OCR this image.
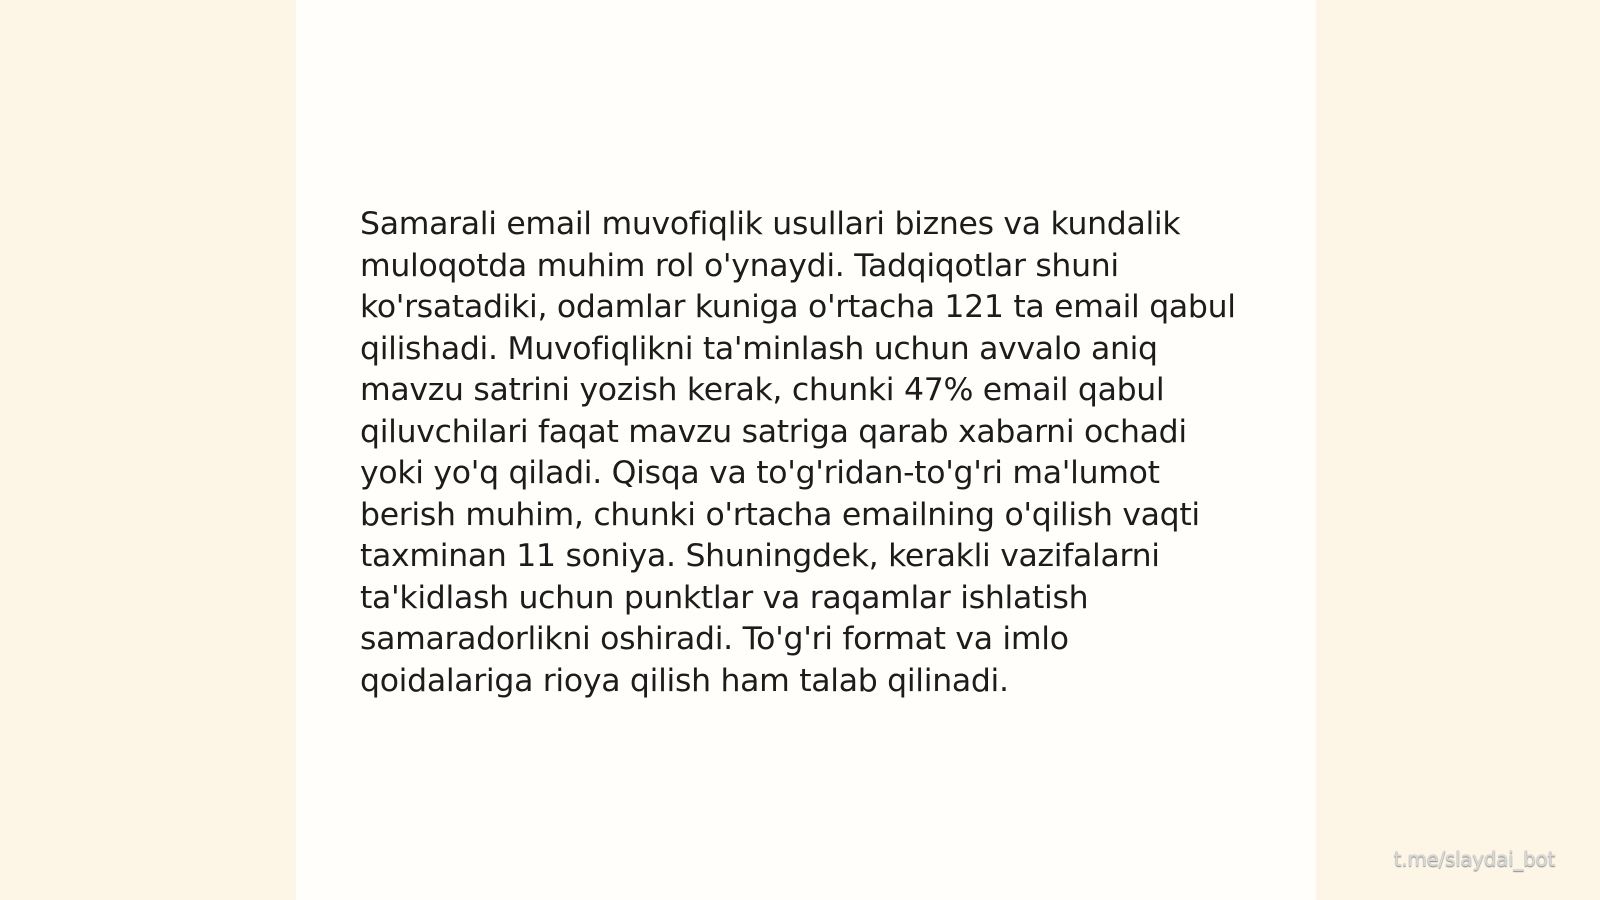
Samarali email muvofiqlik usullari biznes va kundalik muloqotda muhim rol o'ynaydi. Tadqiqotlar shuni ko'rsatadiki, odamlar kuniga o'rtacha 121 ta email qabul qilishadi. Muvofiqlikni ta'minlash uchun avvalo aniq mavzu satrini yozish kerak, chunki 47% email qabul qiluvchilari faqat mavzu satriga qarab xabarni ochadi yoki yo'q qiladi. Qisqa va to'g'ridan-to'g'ri ma'lumot berish muhim, chunki o'rtacha emailning o'qilish vaqti taxminan 11 soniya. Shuningdek, kerakli vazifalarni ta'kidlash uchun punktlar va raqamlar ishlatish samaradorlikni oshiradi. To'g'ri format va imlo qoidalariga rioya qilish ham talab qilinadi.

t.me/slaydai_bot
